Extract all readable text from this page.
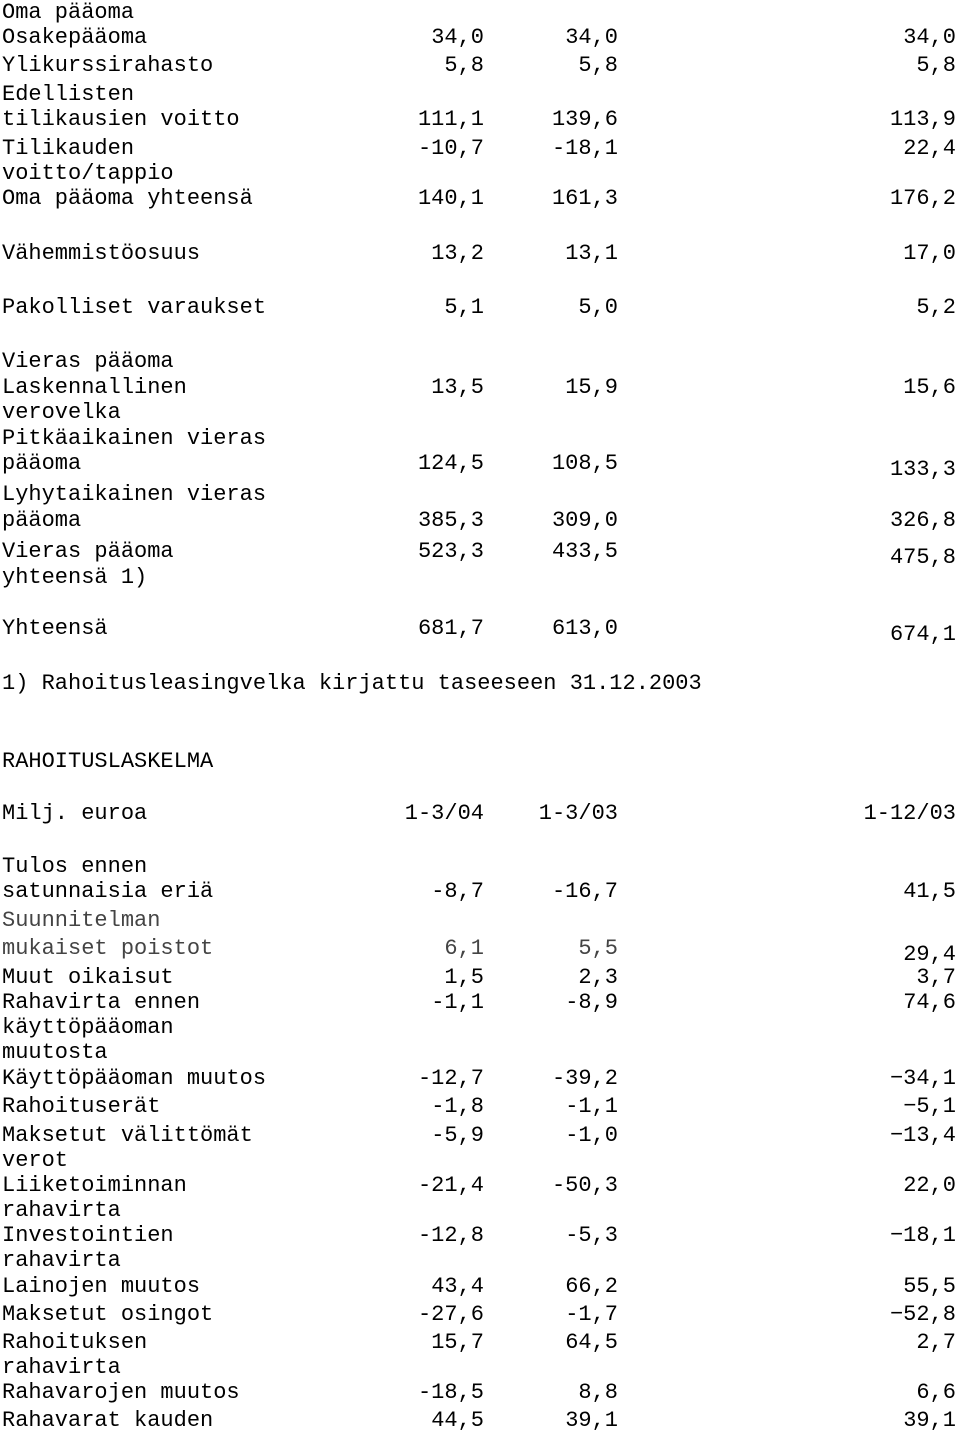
Oma pääoma
Osakepääoma	34,0	34,0	34,0
Ylikurssirahasto	5,8	5,8	5,8
Edellisten
tilikausien voitto	111,1	139,6	113,9
Tilikauden	-10,7	-18,1	22,4
voitto/tappio
Oma pääoma yhteensä	140,1	161,3	176,2
Vähemmistöosuus	13,2	13,1	17,0
Pakolliset varaukset	5,1	5,0	5,2
Vieras pääoma
Laskennallinen	13,5	15,9	15,6
verovelka
Pitkäaikainen vieras
pääoma	124,5	108,5	133,3
Lyhytaikainen vieras
pääoma	385,3	309,0	326,8
Vieras pääoma	523,3	433,5	475,8
yhteensä 1)
Yhteensä	681,7	613,0	674,1
1) Rahoitusleasingvelka kirjattu taseeseen 31.12.2003
RAHOITUSLASKELMA
Milj. euroa	1-3/04 1-3/03	1-12/03
Tulos ennen
satunnaisia eriä	-8,7	-16,7	41,5
Suunnitelman
mukaiset poistot	6,1	5,5	29,4
Muut oikaisut	1,5	2,3	3,7
Rahavirta ennen	-1,1	-8,9	74,6
käyttöpääoman
muutosta
Käyttöpääoman muutos	-12,7	-39,2	−34,1
Rahoituserät	-1,8	-1,1	−5,1
Maksetut välittömät	-5,9	-1,0	−13,4
verot
Liiketoiminnan	-21,4	-50,3	22,0
rahavirta
Investointien	-12,8	-5,3	−18,1
rahavirta
Lainojen muutos	43,4	66,2	55,5
Maksetut osingot	-27,6	-1,7	−52,8
Rahoituksen	15,7	64,5	2,7
rahavirta
Rahavarojen muutos	-18,5	8,8	6,6
Rahavarat kauden	44,5	39,1	39,1
